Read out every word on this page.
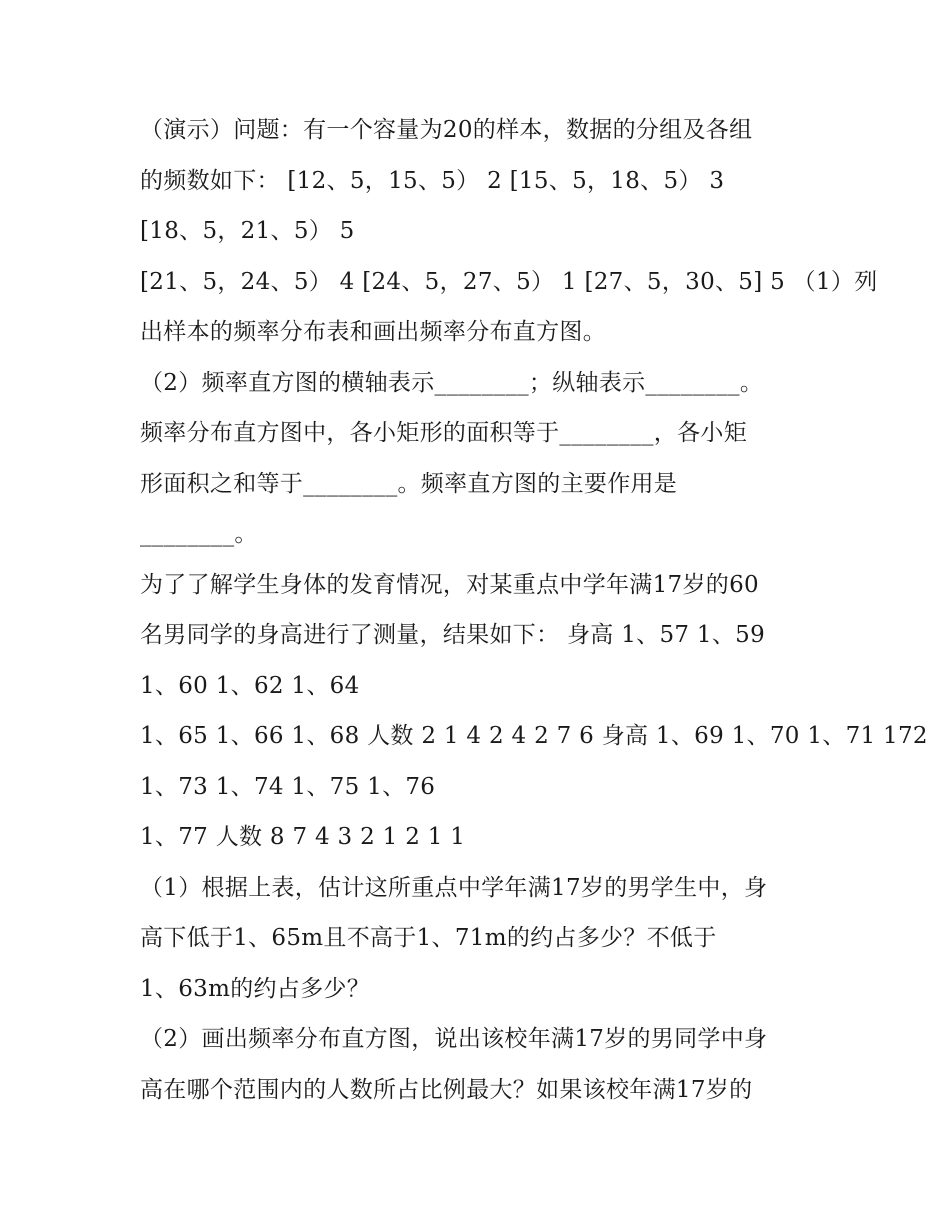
（演示）问题：有一个容量为20的样本，数据的分组及各组
的频数如下： [12、5，15、5） 2 [15、5，18、5） 3
[18、5，21、5） 5
[21、5，24、5） 4 [24、5，27、5） 1 [27、5，30、5] 5 （1）列
出样本的频率分布表和画出频率分布直方图。
（2）频率直方图的横轴表示________；纵轴表示________。
频率分布直方图中，各小矩形的面积等于________，各小矩
形面积之和等于________。频率直方图的主要作用是
________。
为了了解学生身体的发育情况，对某重点中学年满17岁的60
名男同学的身高进行了测量，结果如下： 身高 1、57 1、59
1、60 1、62 1、64
1、65 1、66 1、68 人数 2 1 4 2 4 2 7 6 身高 1、69 1、70 1、71 172
1、73 1、74 1、75 1、76
1、77 人数 8 7 4 3 2 1 2 1 1
（1）根据上表，估计这所重点中学年满17岁的男学生中，身
高下低于1、65m且不高于1、71m的约占多少？不低于
1、63m的约占多少？
（2）画出频率分布直方图，说出该校年满17岁的男同学中身
高在哪个范围内的人数所占比例最大？如果该校年满17岁的
